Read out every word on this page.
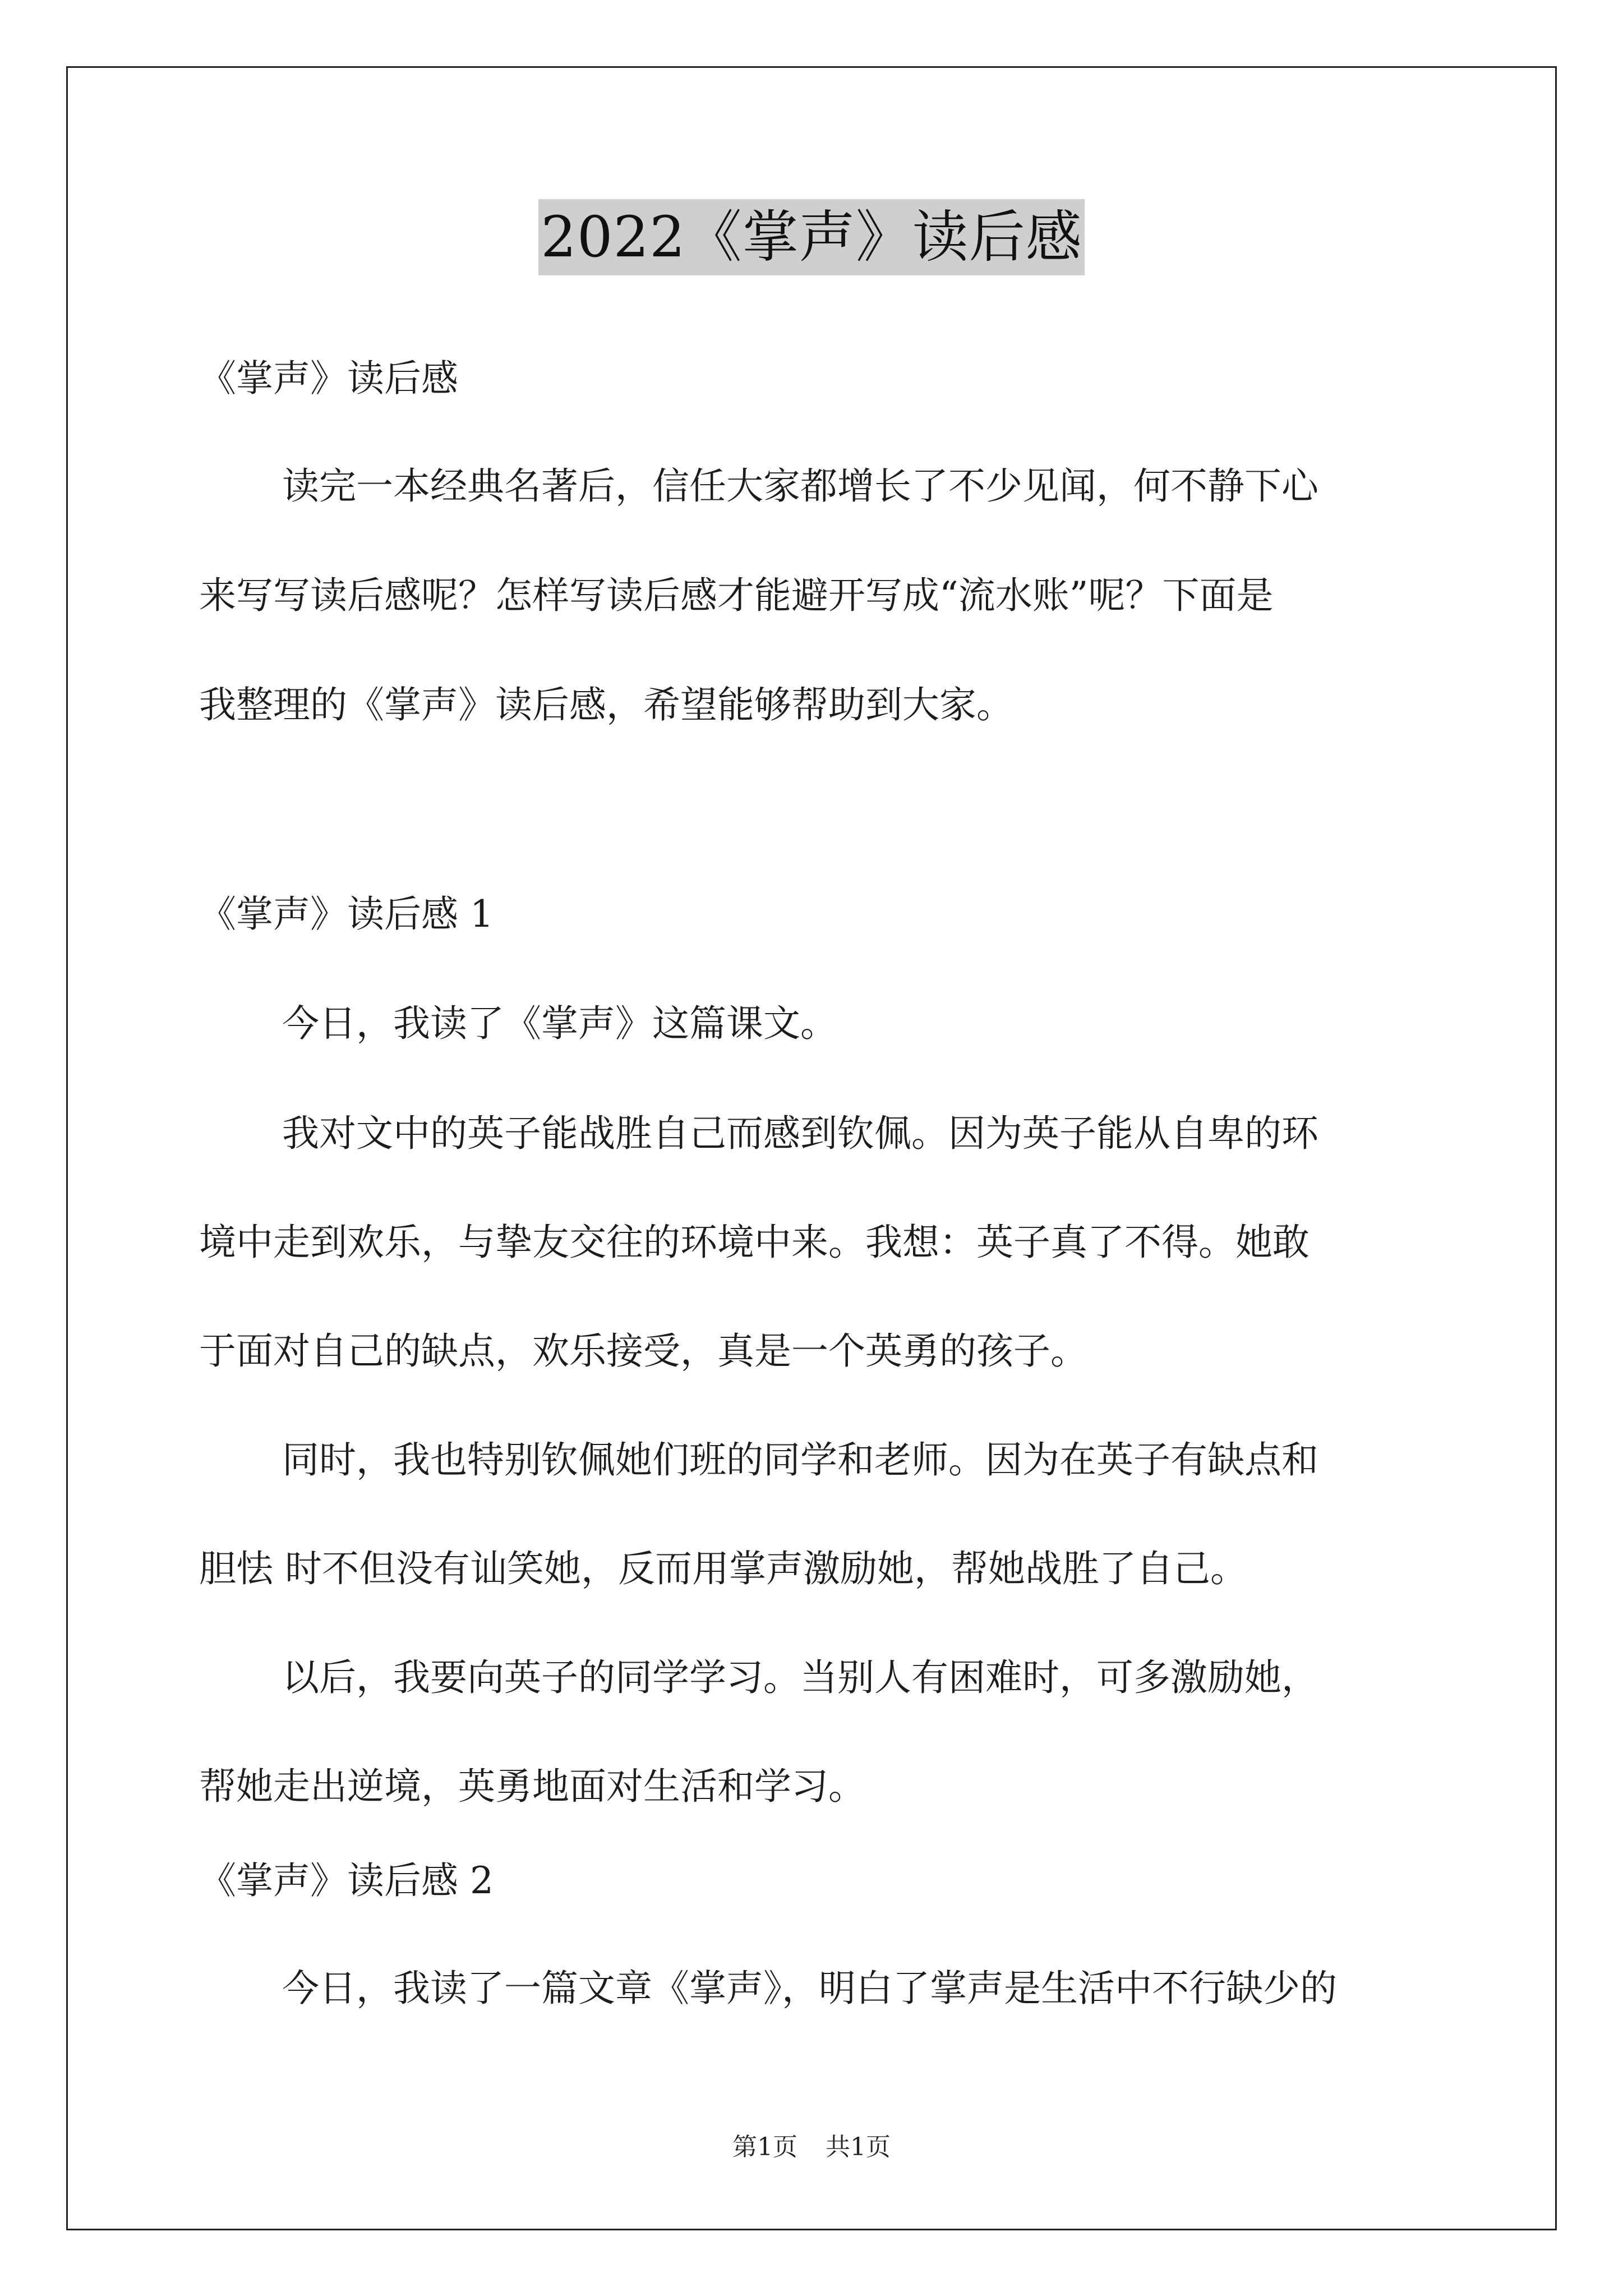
2022《掌声》读后感
《掌声》读后感
读完一本经典名著后，信任大家都增长了不少见闻，何不静下心
来写写读后感呢？怎样写读后感才能避开写成“流水账”呢？下面是
我整理的《掌声》读后感，希望能够帮助到大家。
《掌声》读后感 1
今日，我读了《掌声》这篇课文。
我对文中的英子能战胜自己而感到钦佩。因为英子能从自卑的环
境中走到欢乐，与挚友交往的环境中来。我想：英子真了不得。她敢
于面对自己的缺点，欢乐接受，真是一个英勇的孩子。
同时，我也特别钦佩她们班的同学和老师。因为在英子有缺点和
胆怯 时不但没有讪笑她，反而用掌声激励她，帮她战胜了自己。
以后，我要向英子的同学学习。当别人有困难时，可多激励她，
帮她走出逆境，英勇地面对生活和学习。
《掌声》读后感 2
今日，我读了一篇文章《掌声》，明白了掌声是生活中不行缺少的
第1页 共1页
